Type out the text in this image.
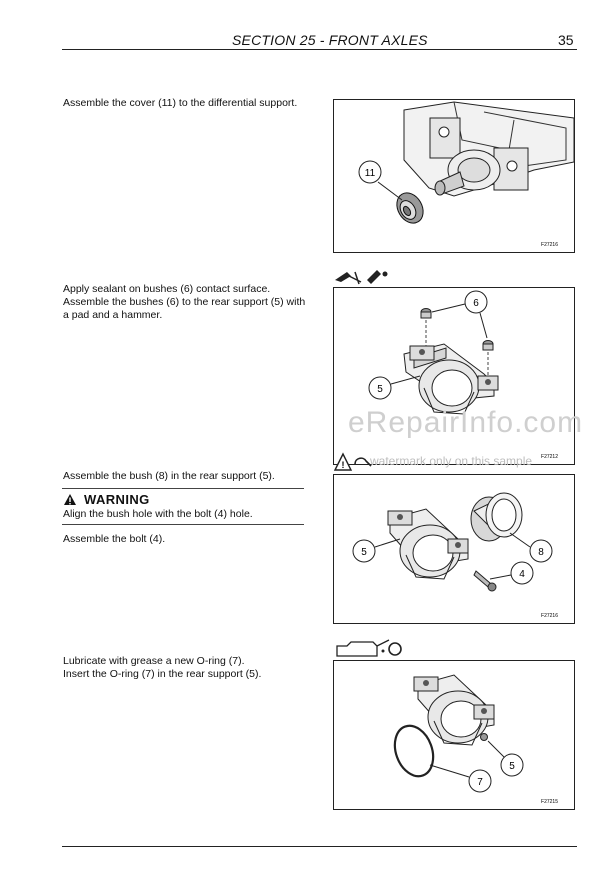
SECTION 25 - FRONT AXLES	35
Assemble the cover (11) to the differential support.
11
F27216
Apply sealant on bushes (6) contact surface.
Assemble the bushes (6) to the rear support (5) with
a pad and a hammer.
6
5
F27212
eRepairInfo.com
! watermark only on this sample
Assemble the bush (8) in the rear support (5).
WARNING
Align the bush hole with the bolt (4) hole.
Assemble the bolt (4).
5	8
4
F27216
Lubricate with grease a new O-ring (7).
Insert the O-ring (7) in the rear support (5).
7
5
F27215
